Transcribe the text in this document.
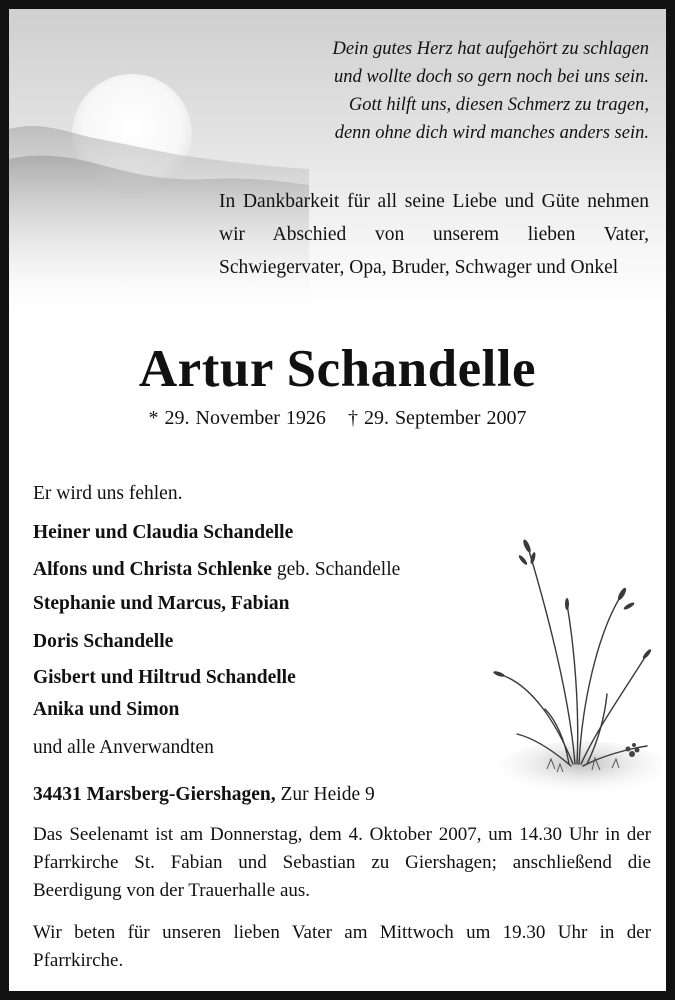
Dein gutes Herz hat aufgehört zu schlagen
und wollte doch so gern noch bei uns sein.
Gott hilft uns, diesen Schmerz zu tragen,
denn ohne dich wird manches anders sein.

In Dankbarkeit für all seine Liebe und Güte nehmen wir Abschied von unserem lieben Vater, Schwiegervater, Opa, Bruder, Schwager und Onkel

Artur Schandelle
* 29. November 1926 † 29. September 2007
Er wird uns fehlen.
Heiner und Claudia Schandelle
Alfons und Christa Schlenke geb. Schandelle
Stephanie und Marcus, Fabian
Doris Schandelle
Gisbert und Hiltrud Schandelle
Anika und Simon
und alle Anverwandten
34431 Marsberg-Giershagen, Zur Heide 9
Das Seelenamt ist am Donnerstag, dem 4. Oktober 2007, um 14.30 Uhr in der Pfarrkirche St. Fabian und Sebastian zu Giershagen; anschließend die Beerdigung von der Trauerhalle aus.
Wir beten für unseren lieben Vater am Mittwoch um 19.30 Uhr in der Pfarrkirche.
